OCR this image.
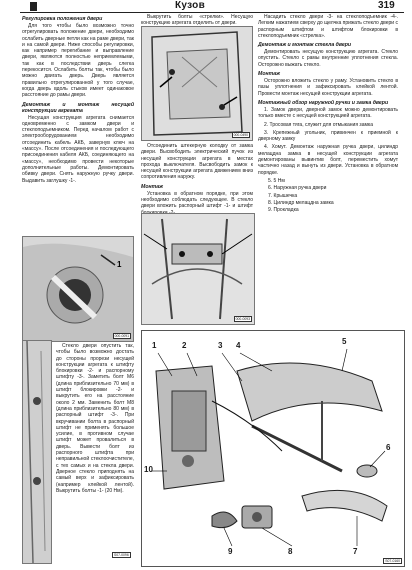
Кузов	319
Регулировка положения двери

Для того чтобы было возможно точно отрегулировать положение двери, необходимо ослабить дверные петли как на раме двери, так и на самой двери. Ниже способы регулировки, как например перегибание и выправление двери, являются полностью неприемлемыми, так как в последствии дверь слегка перекосится. Ослабить болты так, чтобы было можно двигать дверь. Дверь является правильно отрегулированной у того случае, когда дверь вдоль стыков имеет одинаковое расстояние до рамы двери.

Демонтаж и монтаж несущей конструкции агрегата

Несущая конструкция агрегата снимается одновременно с замком двери и стеклоподъемником. Перед началом работ с электрооборудованием необходимо отсоединить кабель АКБ, завернув ключ на «массу». После отсоединения и последующего присоединения кабеля АКБ, соединяющего на «массу», необходимо провести некоторые дополнительные работы. Демонтировать обивку двери. Снять наружную ручку двери. Выдавить заглушку -1-.

1
000-0091

Стекло двери опустить так, чтобы было возможно достать до стороны прорези несущей конструкции агрегата к штифту блокировки -2- и распорному штифту -3-. Заметить болт М6 (длина приблизительно 70 мм) в штифт блокировки -2- и выкрутить его на расстояние около 2 мм. Заменить болт М8 (длина приблизительно 80 мм) в распорный штифт -3-. При вкручивании болта в распорный штифт не применять большое усилие, в противном случае штифт может провалиться в дверь. Вывести болт из распорного штифта при неправильной стеклоочистителе, с тех самых и на стекла двери. Дверное стекло приподнять на самый верх и зафиксировать (например клейкой лентой). Выкрутить болты -1- (20 Нм).

000-0490

Выкрутить болты «стрелки». Несущую конструкцию агрегата отделить от двери.

Отсоединить штекерную колодку от замка двери. Высвободить электрический пучок из несущей конструкции агрегата в местах прохода выключателя. Высвободить замок к несущей конструкции агрегата движением вниз сопротивления наружу.

Монтаж

Установка в обратном порядке, при этом необходимо соблюдать следующее. В стекло двери вложить распорный штифт -1- и штифт

000-0093

Насадить стекло двери -3- на стеклоподъемник -4-. Легким нажатием сверху до щелчка прижать стекло двери с распорным штифтом и штифтом блокировки в стеклоподъемник «стрелка».

Демонтаж и монтаж стекла двери

Демонтировать несущую конструкцию агрегата. Стекло опустить. Стекло с рамы внутренние уплотнения стекла. Осторожно выжать стекло.

Монтаж

Осторожно вложить стекло у раму. Установить стекло в пазы уплотнения и зафиксировать клейкой лентой. Провести монтаж несущей конструкции агрегата.

Монтажный обзор наружной ручки и замка двери
1. Замок двери, дверной замок можно демонтировать только вместе с несущей конструкцией агрегата.
2. Тросовая тяга, служит для отмыкания замка
3. Крепежный угольник, привинчен к приемной к дверному замку
4. Хомут. Демонтаж наружная ручка двери, цилиндр мелацдна замка в несущей конструкции агрегата демонтированы вывинтив болт, переместить хомут частично назад и вынуть из двери. Установка в обратном порядке.
5. 5 Нм
6. Наружная ручка двери
7. Крышечка
8. Цилиндр мелацдна замка
9. Прокладка
1	2	3 4	5
6
7
8
9
10
S07-0160
S07-0096
